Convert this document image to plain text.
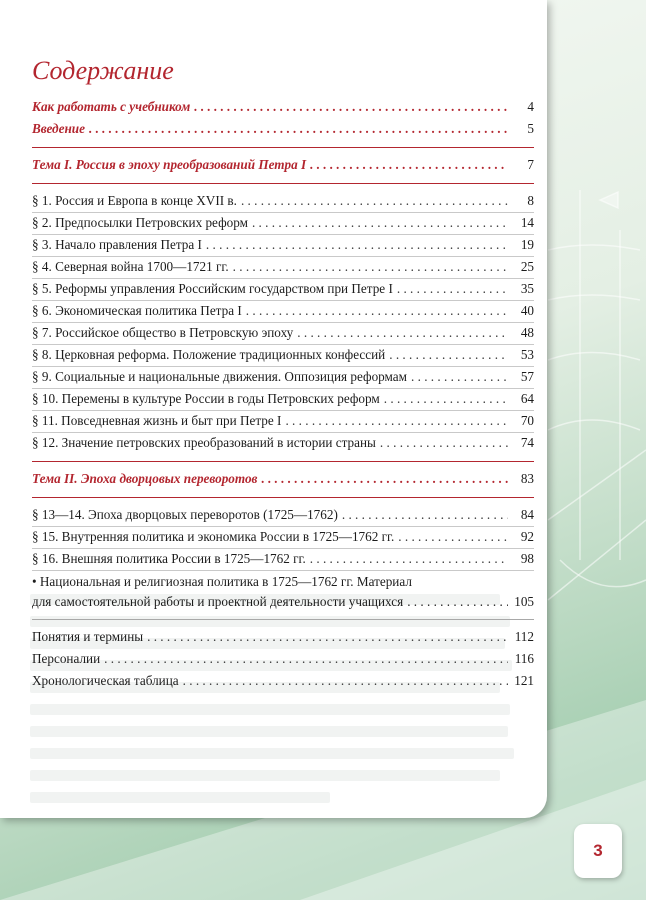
Содержание
Как работать с учебником . . .	4
Введение . . .	5
Тема I. Россия в эпоху преобразований Петра I . . .	7
§ 1. Россия и Европа в конце XVII в. . . .	8
§ 2. Предпосылки Петровских реформ . . .	14
§ 3. Начало правления Петра I . . .	19
§ 4. Северная война 1700—1721 гг. . . .	25
§ 5. Реформы управления Российским государством при Петре I . . .	35
§ 6. Экономическая политика Петра I . . .	40
§ 7. Российское общество в Петровскую эпоху . . .	48
§ 8. Церковная реформа. Положение традиционных конфессий . . .	53
§ 9. Социальные и национальные движения. Оппозиция реформам . . .	57
§ 10. Перемены в культуре России в годы Петровских реформ . . .	64
§ 11. Повседневная жизнь и быт при Петре I . . .	70
§ 12. Значение петровских преобразований в истории страны . . .	74
Тема II. Эпоха дворцовых переворотов . . .	83
§ 13—14. Эпоха дворцовых переворотов (1725—1762) . . .	84
§ 15. Внутренняя политика и экономика России в 1725—1762 гг. . . .	92
§ 16. Внешняя политика России в 1725—1762 гг. . . .	98
• Национальная и религиозная политика в 1725—1762 гг. Материал
для самостоятельной работы и проектной деятельности учащихся . . .	105
Понятия и термины . . .	112
Персоналии . . .	116
Хронологическая таблица . . .	121
3
